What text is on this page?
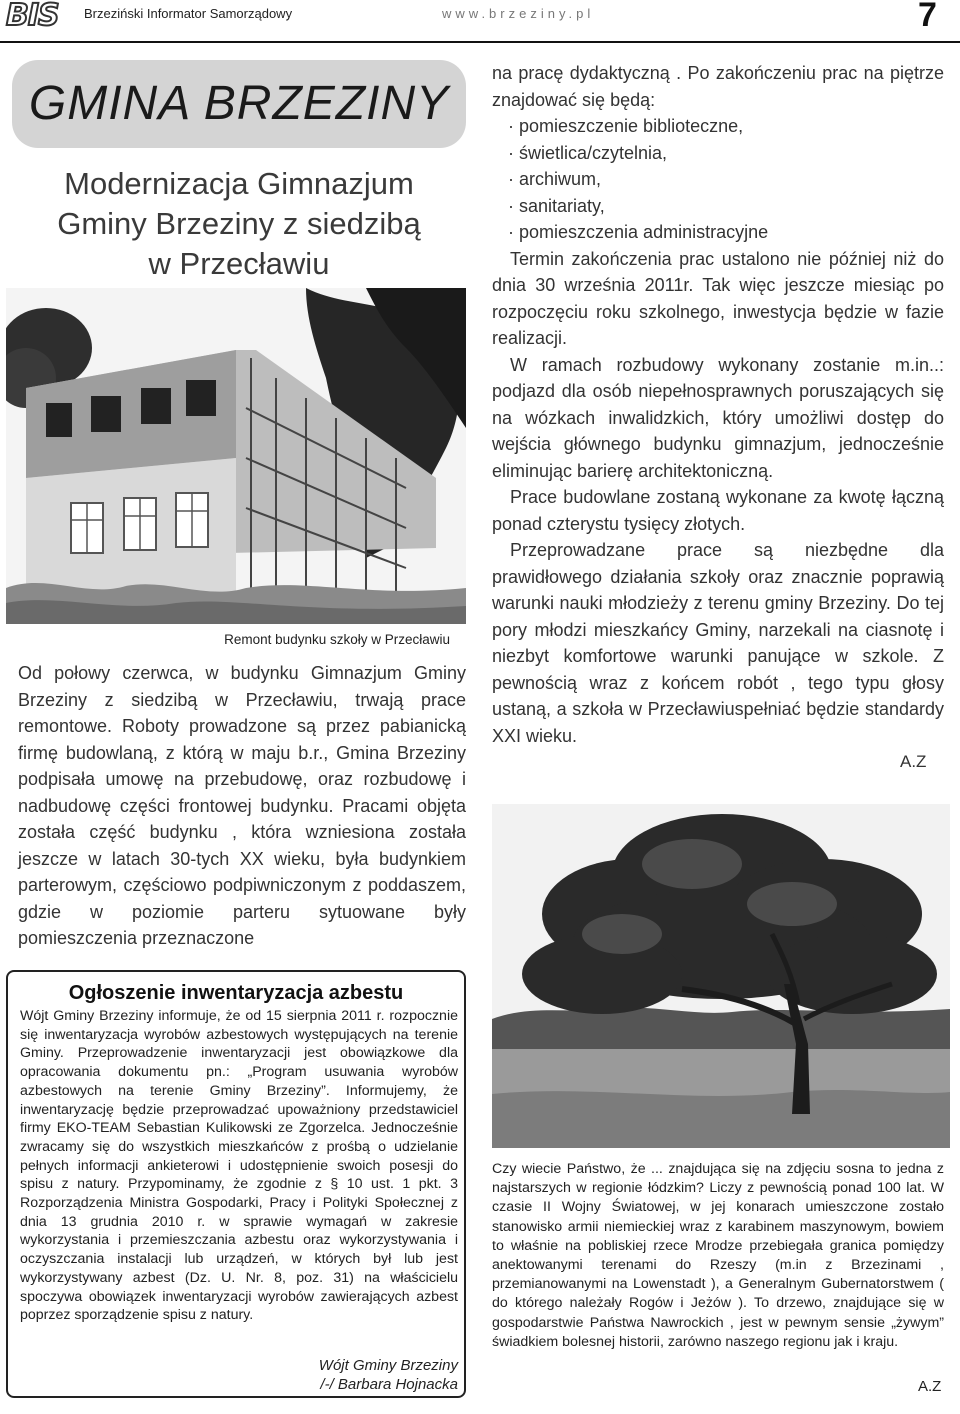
BIS	Brzeziński Informator Samorządowy	www.brzeziny.pl	7
GMINA BRZEZINY
Modernizacja Gimnazjum
Gminy Brzeziny z siedzibą
w Przecławiu
Remont budynku szkoły w Przecławiu

Od połowy czerwca, w budynku Gimnazjum Gminy Brzeziny z siedzibą w Przecławiu, trwają prace remontowe. Roboty prowadzone są przez pabianicką firmę budowlaną, z którą w maju b.r., Gmina Brzeziny podpisała umowę na przebudowę, oraz rozbudowę i nadbudowę części frontowej budynku. Pracami objęta została część budynku , która wzniesiona została jeszcze w latach 30-tych XX wieku, była budynkiem parterowym, częściowo podpiwniczonym z poddaszem, gdzie w poziomie parteru sytuowane były pomieszczenia przeznaczone

na pracę dydaktyczną . Po zakończeniu prac na piętrze znajdować się będą:

· pomieszczenie biblioteczne,
· świetlica/czytelnia,
· archiwum,
· sanitariaty,
· pomieszczenia administracyjne

Termin zakończenia prac ustalono nie później niż do dnia 30 września 2011r. Tak więc jeszcze miesiąc po rozpoczęciu roku szkolnego, inwestycja będzie w fazie realizacji.

W ramach rozbudowy wykonany zostanie m.in..: podjazd dla osób niepełnosprawnych poruszających się na wózkach inwalidzkich, który umożliwi dostęp do wejścia głównego budynku gimnazjum, jednocześnie eliminując barierę architektoniczną.

Prace budowlane zostaną wykonane za kwotę łączną ponad czterystu tysięcy złotych.

Przeprowadzane prace są niezbędne dla prawidłowego działania szkoły oraz znacznie poprawią warunki nauki młodzieży z terenu gminy Brzeziny. Do tej pory młodzi mieszkańcy Gminy, narzekali na ciasnotę i niezbyt komfortowe warunki panujące w szkole. Z pewnością wraz z końcem robót , tego typu głosy ustaną, a szkoła w Przecławiuspełniać będzie standardy XXI wieku.

A.Z
Ogłoszenie inwentaryzacja azbestu
Wójt Gminy Brzeziny informuje, że od 15 sierpnia 2011 r. rozpocznie się inwentaryzacja wyrobów azbestowych występujących na terenie Gminy. Przeprowadzenie inwentaryzacji jest obowiązkowe dla opracowania dokumentu pn.: „Program usuwania wyrobów azbestowych na terenie Gminy Brzeziny”. Informujemy, że inwentaryzację będzie przeprowadzać upoważniony przedstawiciel firmy EKO-TEAM Sebastian Kulikowski ze Zgorzelca. Jednocześnie zwracamy się do wszystkich mieszkańców z prośbą o udzielanie pełnych informacji ankieterowi i udostępnienie swoich posesji do spisu z natury. Przypominamy, że zgodnie z § 10 ust. 1 pkt. 3 Rozporządzenia Ministra Gospodarki, Pracy i Polityki Społecznej z dnia 13 grudnia 2010 r. w sprawie wymagań w zakresie wykorzystania i przemieszczania azbestu oraz wykorzystywania i oczyszczania instalacji lub urządzeń, w których był lub jest wykorzystywany azbest (Dz. U. Nr. 8, poz. 31) na właścicielu spoczywa obowiązek inwentaryzacji wyrobów zawierających azbest poprzez sporządzenie spisu z natury.
Wójt Gminy Brzeziny
/-/ Barbara Hojnacka
Czy wiecie Państwo, że ... znajdująca się na zdjęciu sosna to jedna z najstarszych w regionie łódzkim? Liczy z pewnością ponad 100 lat. W czasie II Wojny Światowej, w jej konarach umieszczone zostało stanowisko armii niemieckiej wraz z karabinem maszynowym, bowiem to właśnie na pobliskiej rzece Mrodze przebiegała granica pomiędzy anektowanymi terenami do Rzeszy (m.in z Brzezinami , przemianowanymi na Lowenstadt ), a Generalnym Gubernatorstwem ( do którego należały Rogów i Jeżów ). To drzewo, znajdujące się w gospodarstwie Państwa Nawrockich , jest w pewnym sensie „żywym” świadkiem bolesnej historii, zarówno naszego regionu jak i kraju.
A.Z
